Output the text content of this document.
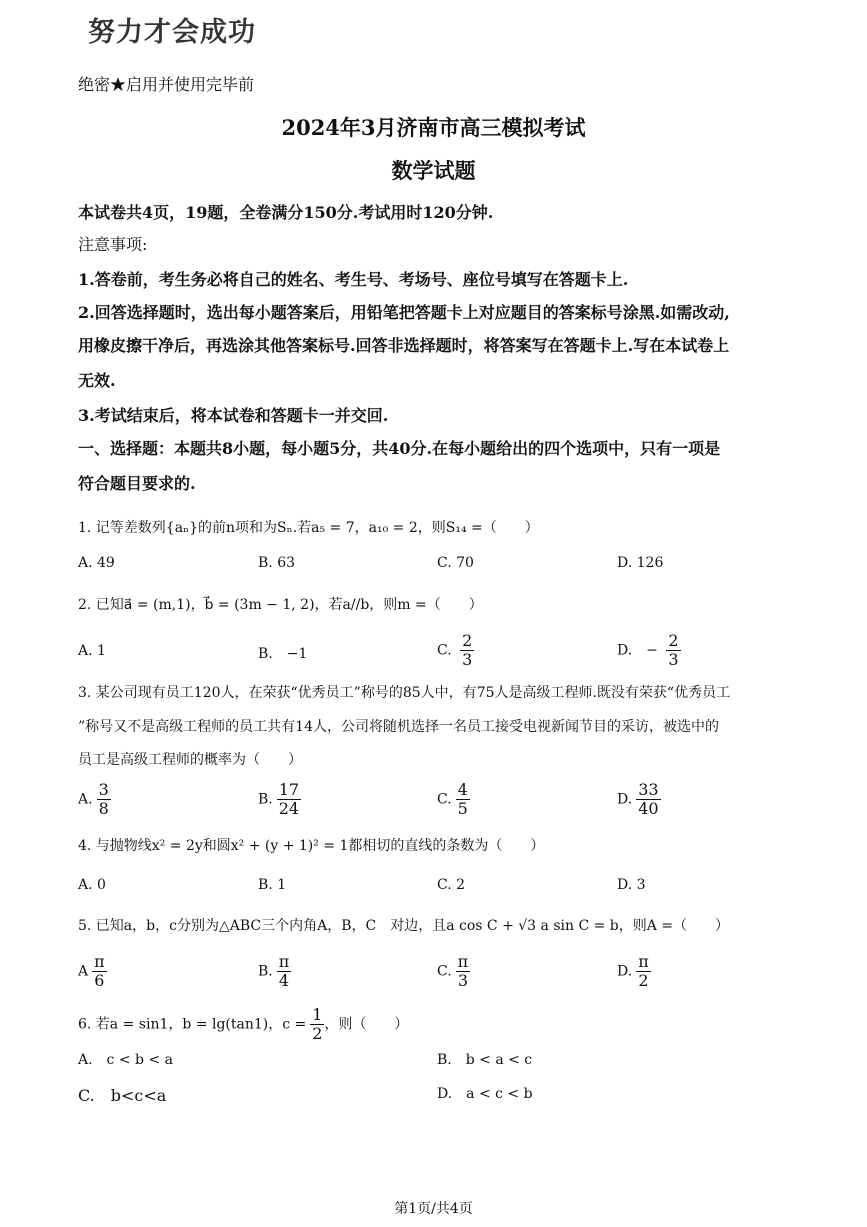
努力才会成功
绝密★启用并使用完毕前
2024年3月济南市高三模拟考试
数学试题
本试卷共4页，19题，全卷满分150分.考试用时120分钟.
注意事项:
1.答卷前，考生务必将自己的姓名、考生号、考场号、座位号填写在答题卡上.
2.回答选择题时，选出每小题答案后，用铅笔把答题卡上对应题目的答案标号涂黑.如需改动,
用橡皮擦干净后，再选涂其他答案标号.回答非选择题时，将答案写在答题卡上.写在本试卷上
无效.
3.考试结束后，将本试卷和答题卡一并交回.
一、选择题：本题共8小题，每小题5分，共40分.在每小题给出的四个选项中，只有一项是
符合题目要求的.
1. 记等差数列{aₙ}的前n项和为Sₙ.若a₅ = 7，a₁₀ = 2，则S₁₄ =（　　）
A. 49	B. 63	C. 70	D. 126
2. 已知a⃗ = (m,1)，b⃗ = (3m − 1, 2)，若a//b，则m =（　　）
A. 1	B.　−1	C. $\frac{2}{3}$	D.　− $\frac{2}{3}$
3. 某公司现有员工120人，在荣获“优秀员工”称号的85人中，有75人是高级工程师.既没有荣获“优秀员工
”称号又不是高级工程师的员工共有14人，公司将随机选择一名员工接受电视新闻节目的采访，被选中的
员工是高级工程师的概率为（　　）
A. $\frac{3}{8}$	B. $\frac{17}{24}$	C. $\frac{4}{5}$	D. $\frac{33}{40}$
4. 与抛物线x² = 2y和圆x² + (y + 1)² = 1都相切的直线的条数为（　　）
A. 0	B. 1	C. 2	D. 3
5. 已知a，b，c分别为△ABC三个内角A，B，C　对边，且a cos C + √3 a sin C = b，则A =（　　）
A $\frac{\pi}{6}$	B. $\frac{\pi}{4}$	C. $\frac{\pi}{3}$	D. $\frac{\pi}{2}$
6. 若a = sin1，b = lg(tan1)，$c = \frac{1}{2}$ ，则（　　）
A.　c < b < a	B.　b < a < c
C.　b<c<a	D.　a < c < b
第1页/共4页
